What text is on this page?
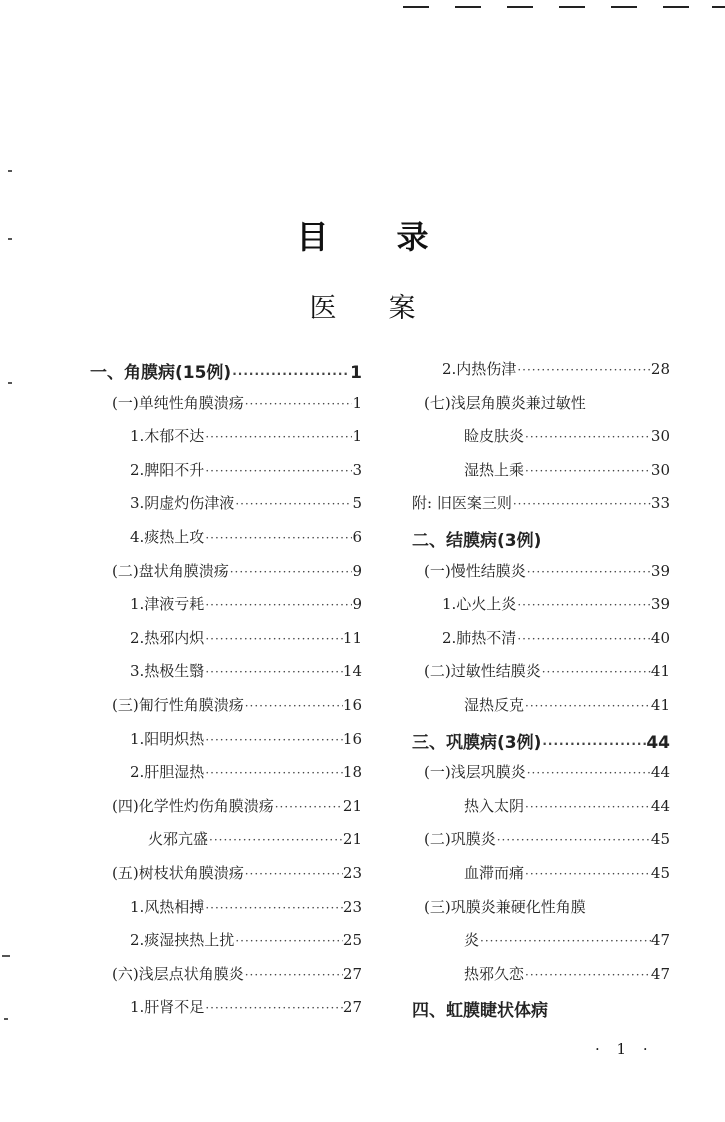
目 录
医 案
一、角膜病(15例) ·····	1
(一)单纯性角膜溃疡 ·····	1
1.木郁不达 ·····	1
2.脾阳不升 ·····	3
3.阴虚灼伤津液 ·····	5
4.痰热上攻 ·····	6
(二)盘状角膜溃疡 ·····	9
1.津液亏耗 ·····	9
2.热邪内炽 ·····	11
3.热极生翳 ·····	14
(三)匍行性角膜溃疡 ·····	16
1.阳明炽热 ·····	16
2.肝胆湿热 ·····	18
(四)化学性灼伤角膜溃疡 ·····	21
火邪亢盛 ·····	21
(五)树枝状角膜溃疡 ·····	23
1.风热相搏 ·····	23
2.痰湿挟热上扰 ·····	25
(六)浅层点状角膜炎 ·····	27
1.肝肾不足 ·····	27
2.内热伤津 ·····	28
(七)浅层角膜炎兼过敏性
睑皮肤炎 ·····	30
湿热上乘 ·····	30
附: 旧医案三则 ·····	33
二、结膜病(3例)
(一)慢性结膜炎 ·····	39
1.心火上炎 ·····	39
2.肺热不清 ·····	40
(二)过敏性结膜炎 ·····	41
湿热反克 ·····	41
三、巩膜病(3例) ·····	44
(一)浅层巩膜炎 ·····	44
热入太阴 ·····	44
(二)巩膜炎 ·····	45
血滞而痛 ·····	45
(三)巩膜炎兼硬化性角膜
炎 ·····	47
热邪久恋 ·····	47
四、虹膜睫状体病
· 1 ·
